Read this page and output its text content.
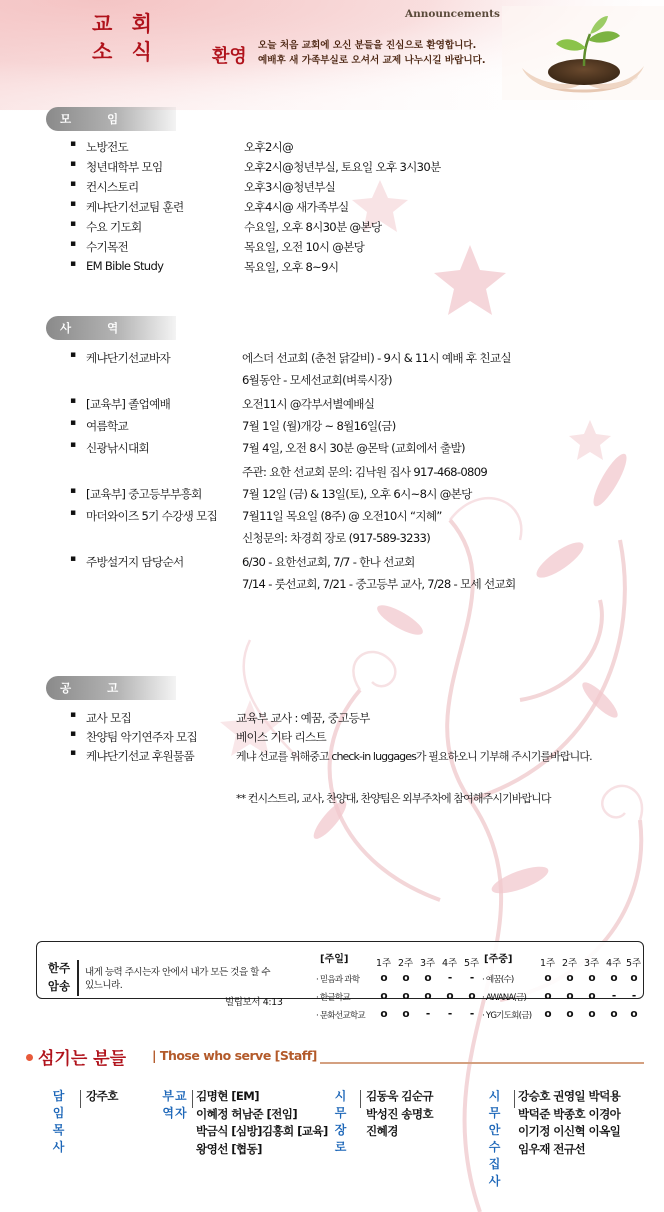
교 회
소 식
Announcements
환영
오늘 처음 교회에 오신 분들을 진심으로 환영합니다.
예배후 새 가족부실로 오셔서 교제 나누시길 바랍니다.
모 임
▪ 노방전도	오후2시@
▪ 청년대학부 모임	오후2시@청년부실, 토요일 오후 3시30분
▪ 컨시스토리	오후3시@청년부실
▪ 케냐단기선교팀 훈련	오후4시@ 새가족부실
▪ 수요 기도회	수요일, 오후 8시30분 @본당
▪ 수기목전	목요일, 오전 10시 @본당
▪ EM Bible Study	목요일, 오후 8~9시
사 역
▪ 케냐단기선교바자	에스더 선교회 (춘천 닭갈비) - 9시 & 11시 예배 후 친교실
6월동안 - 모세선교회(벼룩시장)
▪ [교육부] 졸업예배	오전11시 @각부서별예배실
▪ 여름학교	7월 1일 (월)개강 ~ 8월16일(금)
▪ 신광낚시대회	7월 4일, 오전 8시 30분 @몬탁 (교회에서 출발)
주관: 요한 선교회 문의: 김낙원 집사 917-468-0809
▪ [교육부] 중고등부부흥회	7월 12일 (금) & 13일(토), 오후 6시~8시 @본당
▪ 마더와이즈 5기 수강생 모집 7월11일 목요일 (8주) @ 오전10시 “지혜”
신청문의: 차경희 장로 (917-589-3233)
▪ 주방설거지 담당순서	6/30 - 요한선교회, 7/7 - 한나 선교회
7/14 - 룻선교회, 7/21 - 중고등부 교사, 7/28 - 모세 선교회
공 고
▪ 교사 모집	교육부 교사 : 예꿈, 중고등부
▪ 찬양팀 악기연주자 모집	베이스 기타 리스트
▪ 케냐단기선교 후원물품	케냐 선교를 위해중고 check-in luggages가 필요하오니 기부해 주시기를바랍니다.
** 컨시스트리, 교사, 찬양대, 찬양팀은 외부주차에 참여해주시기바랍니다
한주
암송
내게 능력 주시는자 안에서 내가 모든 것을 할 수
있느니라.
빌립보서 4:13
[주일]	1주 2주 3주 4주 5주
· 믿음과 과학	o	o	o	-	-
· 한글학교	o	o	o	o	o
· 문화선교학교	o	o	-	-	-
[주중]	1주 2주 3주 4주 5주
· 예꿈(수)	o	o	o	o	o
· AWANA(금)	o	o	o	-	-
· YG기도회(금)	o	o	o	o	o
섬기는 분들 | Those who serve [Staff]
담 임
목 사
강주호	부교
역자
김명현 [EM]
이혜정 허남준 [전임]
박금식 [심방]김홍희 [교육]
왕영선 [협동]
시 무
장 로
김동욱 김순규
박성진 송명호
진혜경
시 무
안 수
집 사
강승호 권영일 박덕용
박덕준 박종호 이경아
이기정 이신혁 이옥일
임우재 전규선
